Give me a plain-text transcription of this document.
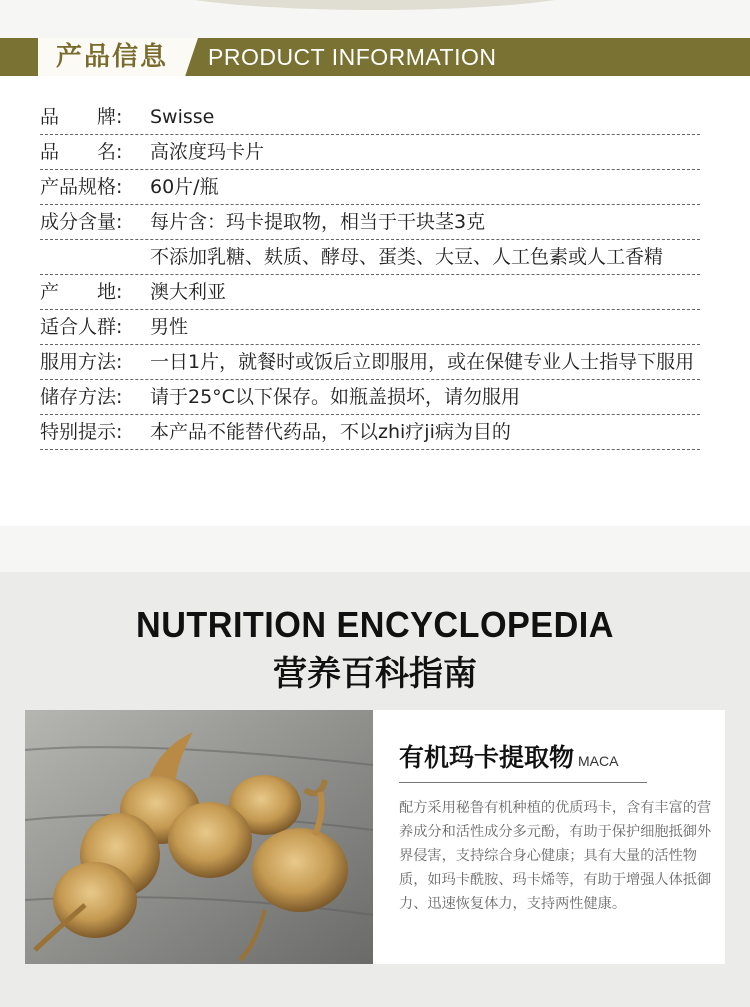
产品信息 PRODUCT INFORMATION
品　　牌:	Swisse
品　　名:	高浓度玛卡片
产品规格:	60片/瓶
成分含量:	每片含：玛卡提取物，相当于干块茎3克
不添加乳糖、麸质、酵母、蛋类、大豆、人工色素或人工香精
产　　地:	澳大利亚
适合人群:	男性
服用方法:	一日1片，就餐时或饭后立即服用，或在保健专业人士指导下服用
储存方法:	请于25°C以下保存。如瓶盖损坏，请勿服用
特别提示:	本产品不能替代药品，不以zhi疗ji病为目的
NUTRITION ENCYCLOPEDIA
营养百科指南
有机玛卡提取物 MACA
配方采用秘鲁有机种植的优质玛卡，含有丰富的营养成分和活性成分多元酚，有助于保护细胞抵御外界侵害，支持综合身心健康；具有大量的活性物质，如玛卡酰胺、玛卡烯等，有助于增强人体抵御力、迅速恢复体力，支持两性健康。
